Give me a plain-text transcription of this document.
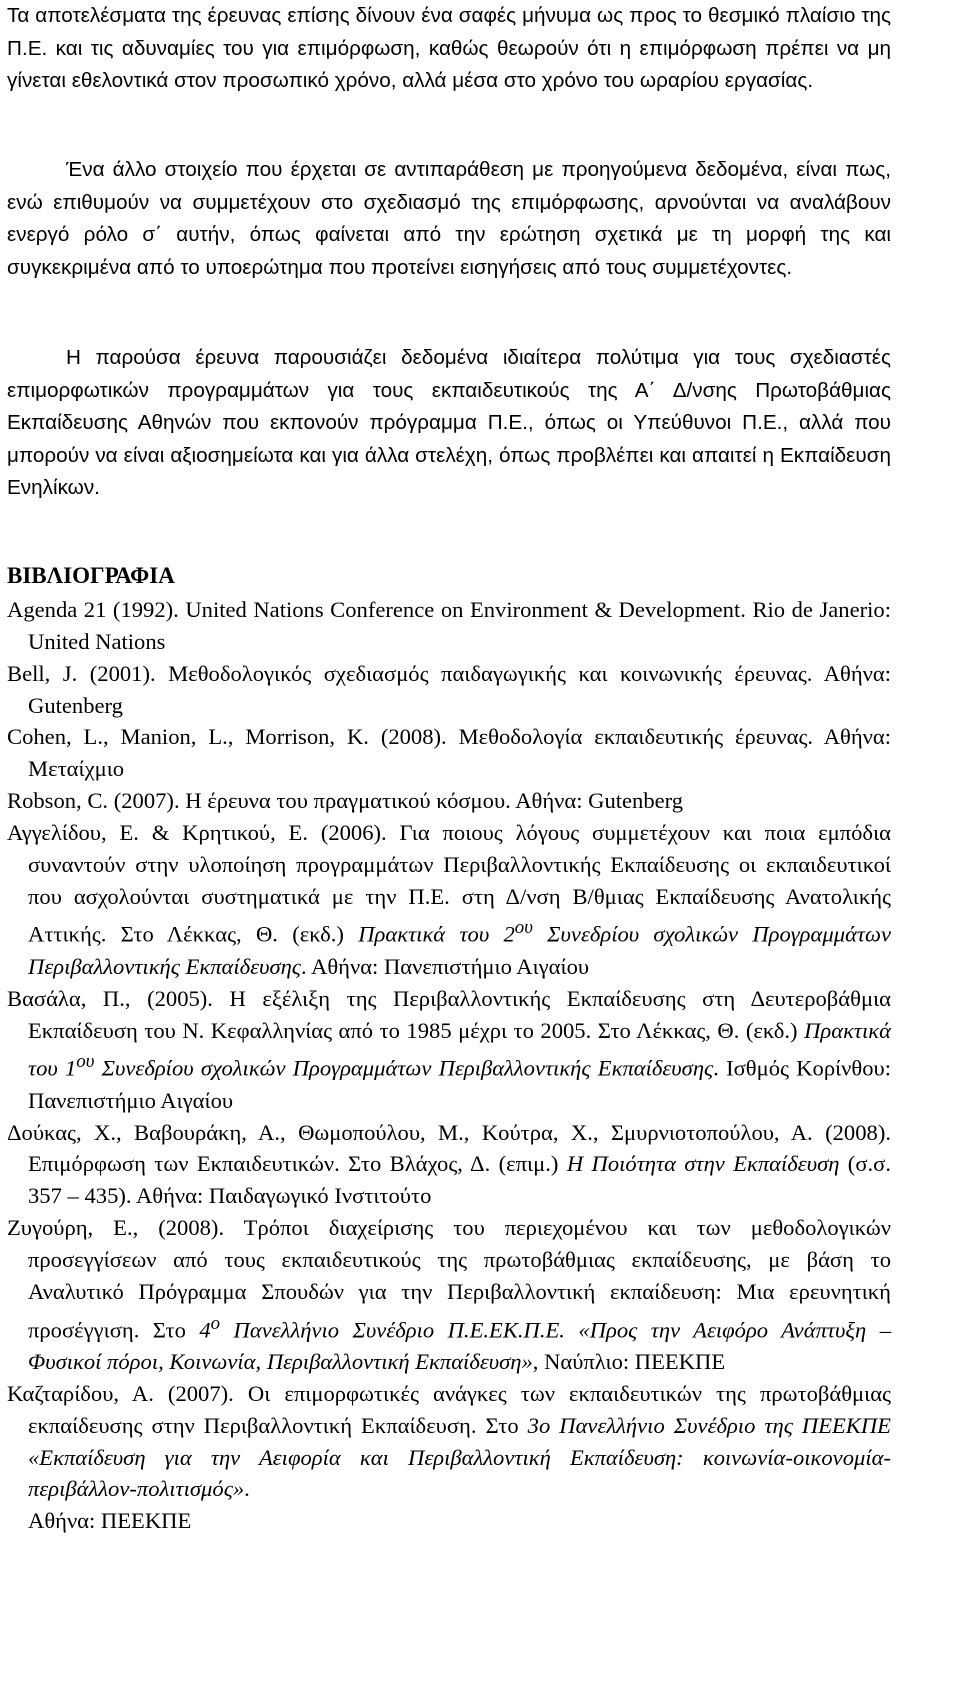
Τα αποτελέσματα της έρευνας επίσης δίνουν ένα σαφές μήνυμα ως προς το θεσμικό πλαίσιο της Π.Ε. και τις αδυναμίες του για επιμόρφωση, καθώς θεωρούν ότι η επιμόρφωση πρέπει να μη γίνεται εθελοντικά στον προσωπικό χρόνο, αλλά μέσα στο χρόνο του ωραρίου εργασίας.

Ένα άλλο στοιχείο που έρχεται σε αντιπαράθεση με προηγούμενα δεδομένα, είναι πως, ενώ επιθυμούν να συμμετέχουν στο σχεδιασμό της επιμόρφωσης, αρνούνται να αναλάβουν ενεργό ρόλο σ΄ αυτήν, όπως φαίνεται από την ερώτηση σχετικά με τη μορφή της και συγκεκριμένα από το υποερώτημα που προτείνει εισηγήσεις από τους συμμετέχοντες.

Η παρούσα έρευνα παρουσιάζει δεδομένα ιδιαίτερα πολύτιμα για τους σχεδιαστές επιμορφωτικών προγραμμάτων για τους εκπαιδευτικούς της Α΄ Δ/νσης Πρωτοβάθμιας Εκπαίδευσης Αθηνών που εκπονούν πρόγραμμα Π.Ε., όπως οι Υπεύθυνοι Π.Ε., αλλά που μπορούν να είναι αξιοσημείωτα και για άλλα στελέχη, όπως προβλέπει και απαιτεί η Εκπαίδευση Ενηλίκων.

ΒΙΒΛΙΟΓΡΑΦΙΑ
Agenda 21 (1992). United Nations Conference on Environment & Development. Rio de Janerio: United Nations
Bell, J. (2001). Μεθοδολογικός σχεδιασμός παιδαγωγικής και κοινωνικής έρευνας. Αθήνα: Gutenberg
Cohen, L., Manion, L., Morrison, K. (2008). Μεθοδολογία εκπαιδευτικής έρευνας. Αθήνα: Μεταίχμιο
Robson, C. (2007). Η έρευνα του πραγματικού κόσμου. Αθήνα: Gutenberg
Αγγελίδου, Ε. & Κρητικού, Ε. (2006). Για ποιους λόγους συμμετέχουν και ποια εμπόδια συναντούν στην υλοποίηση προγραμμάτων Περιβαλλοντικής Εκπαίδευσης οι εκπαιδευτικοί που ασχολούνται συστηματικά με την Π.Ε. στη Δ/νση Β/θμιας Εκπαίδευσης Ανατολικής Αττικής. Στο Λέκκας, Θ. (εκδ.) Πρακτικά του $2^{o\upsilon}$ Συνεδρίου σχολικών Προγραμμάτων Περιβαλλοντικής Εκπαίδευσης. Αθήνα: Πανεπιστήμιο Αιγαίου
Βασάλα, Π., (2005). Η εξέλιξη της Περιβαλλοντικής Εκπαίδευσης στη Δευτεροβάθμια Εκπαίδευση του Ν. Κεφαλληνίας από το 1985 μέχρι το 2005. Στο Λέκκας, Θ. (εκδ.) Πρακτικά του $1^{o\upsilon}$ Συνεδρίου σχολικών Προγραμμάτων Περιβαλλοντικής Εκπαίδευσης. Ισθμός Κορίνθου: Πανεπιστήμιο Αιγαίου
Δούκας, Χ., Βαβουράκη, Α., Θωμοπούλου, Μ., Κούτρα, Χ., Σμυρνιοτοπούλου, Α. (2008). Επιμόρφωση των Εκπαιδευτικών. Στο Βλάχος, Δ. (επιμ.) Η Ποιότητα στην Εκπαίδευση (σ.σ. 357 – 435). Αθήνα: Παιδαγωγικό Ινστιτούτο
Ζυγούρη, Ε., (2008). Τρόποι διαχείρισης του περιεχομένου και των μεθοδολογικών προσεγγίσεων από τους εκπαιδευτικούς της πρωτοβάθμιας εκπαίδευσης, με βάση το Αναλυτικό Πρόγραμμα Σπουδών για την Περιβαλλοντική εκπαίδευση: Μια ερευνητική προσέγγιση. Στο $4^o$ Πανελλήνιο Συνέδριο Π.Ε.ΕΚ.Π.Ε. «Προς την Αειφόρο Ανάπτυξη – Φυσικοί πόροι, Κοινωνία, Περιβαλλοντική Εκπαίδευση», Ναύπλιο: ΠΕΕΚΠΕ
Καζταρίδου, Α. (2007). Οι επιμορφωτικές ανάγκες των εκπαιδευτικών της πρωτοβάθμιας εκπαίδευσης στην Περιβαλλοντική Εκπαίδευση. Στο 3ο Πανελλήνιο Συνέδριο της ΠΕΕΚΠΕ «Εκπαίδευση για την Αειφορία και Περιβαλλοντική Εκπαίδευση: κοινωνία-οικονομία-περιβάλλον-πολιτισμός».
Αθήνα: ΠΕΕΚΠΕ
